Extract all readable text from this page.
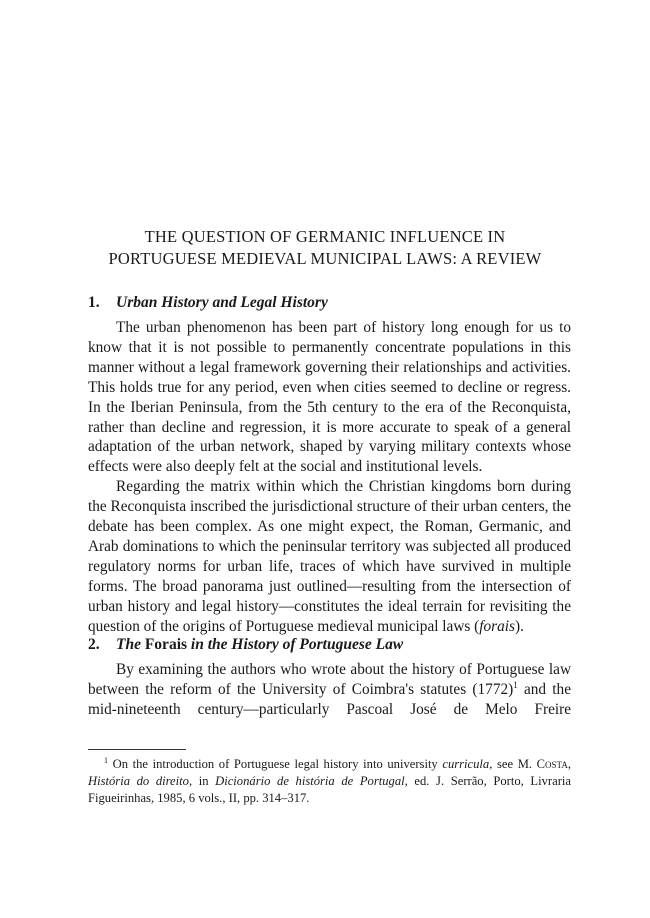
THE QUESTION OF GERMANIC INFLUENCE IN
PORTUGUESE MEDIEVAL MUNICIPAL LAWS: A REVIEW
1. Urban History and Legal History

The urban phenomenon has been part of history long enough for us to know that it is not possible to permanently concentrate populations in this manner without a legal framework governing their relationships and activities. This holds true for any period, even when cities seemed to decline or regress. In the Iberian Peninsula, from the 5th century to the era of the Reconquista, rather than decline and regression, it is more accurate to speak of a general adaptation of the urban network, shaped by varying military contexts whose effects were also deeply felt at the social and institutional levels.

Regarding the matrix within which the Christian kingdoms born during the Reconquista inscribed the jurisdictional structure of their urban centers, the debate has been complex. As one might expect, the Roman, Germanic, and Arab dominations to which the peninsular territory was subjected all produced regulatory norms for urban life, traces of which have survived in multiple forms. The broad panorama just outlined—resulting from the intersection of urban history and legal history—constitutes the ideal terrain for revisiting the question of the origins of Portuguese medieval municipal laws (forais).

2. The Forais in the History of Portuguese Law

By examining the authors who wrote about the history of Portuguese law between the reform of the University of Coimbra's statutes $(1772)^1$ and the mid-nineteenth century—particularly Pascoal José de Melo Freire

$^1$ On the introduction of Portuguese legal history into university curricula, see M. Costa, História do direito, in Dicionário de história de Portugal, ed. J. Serrão, Porto, Livraria Figueirinhas, 1985, 6 vols., II, pp. 314–317.
